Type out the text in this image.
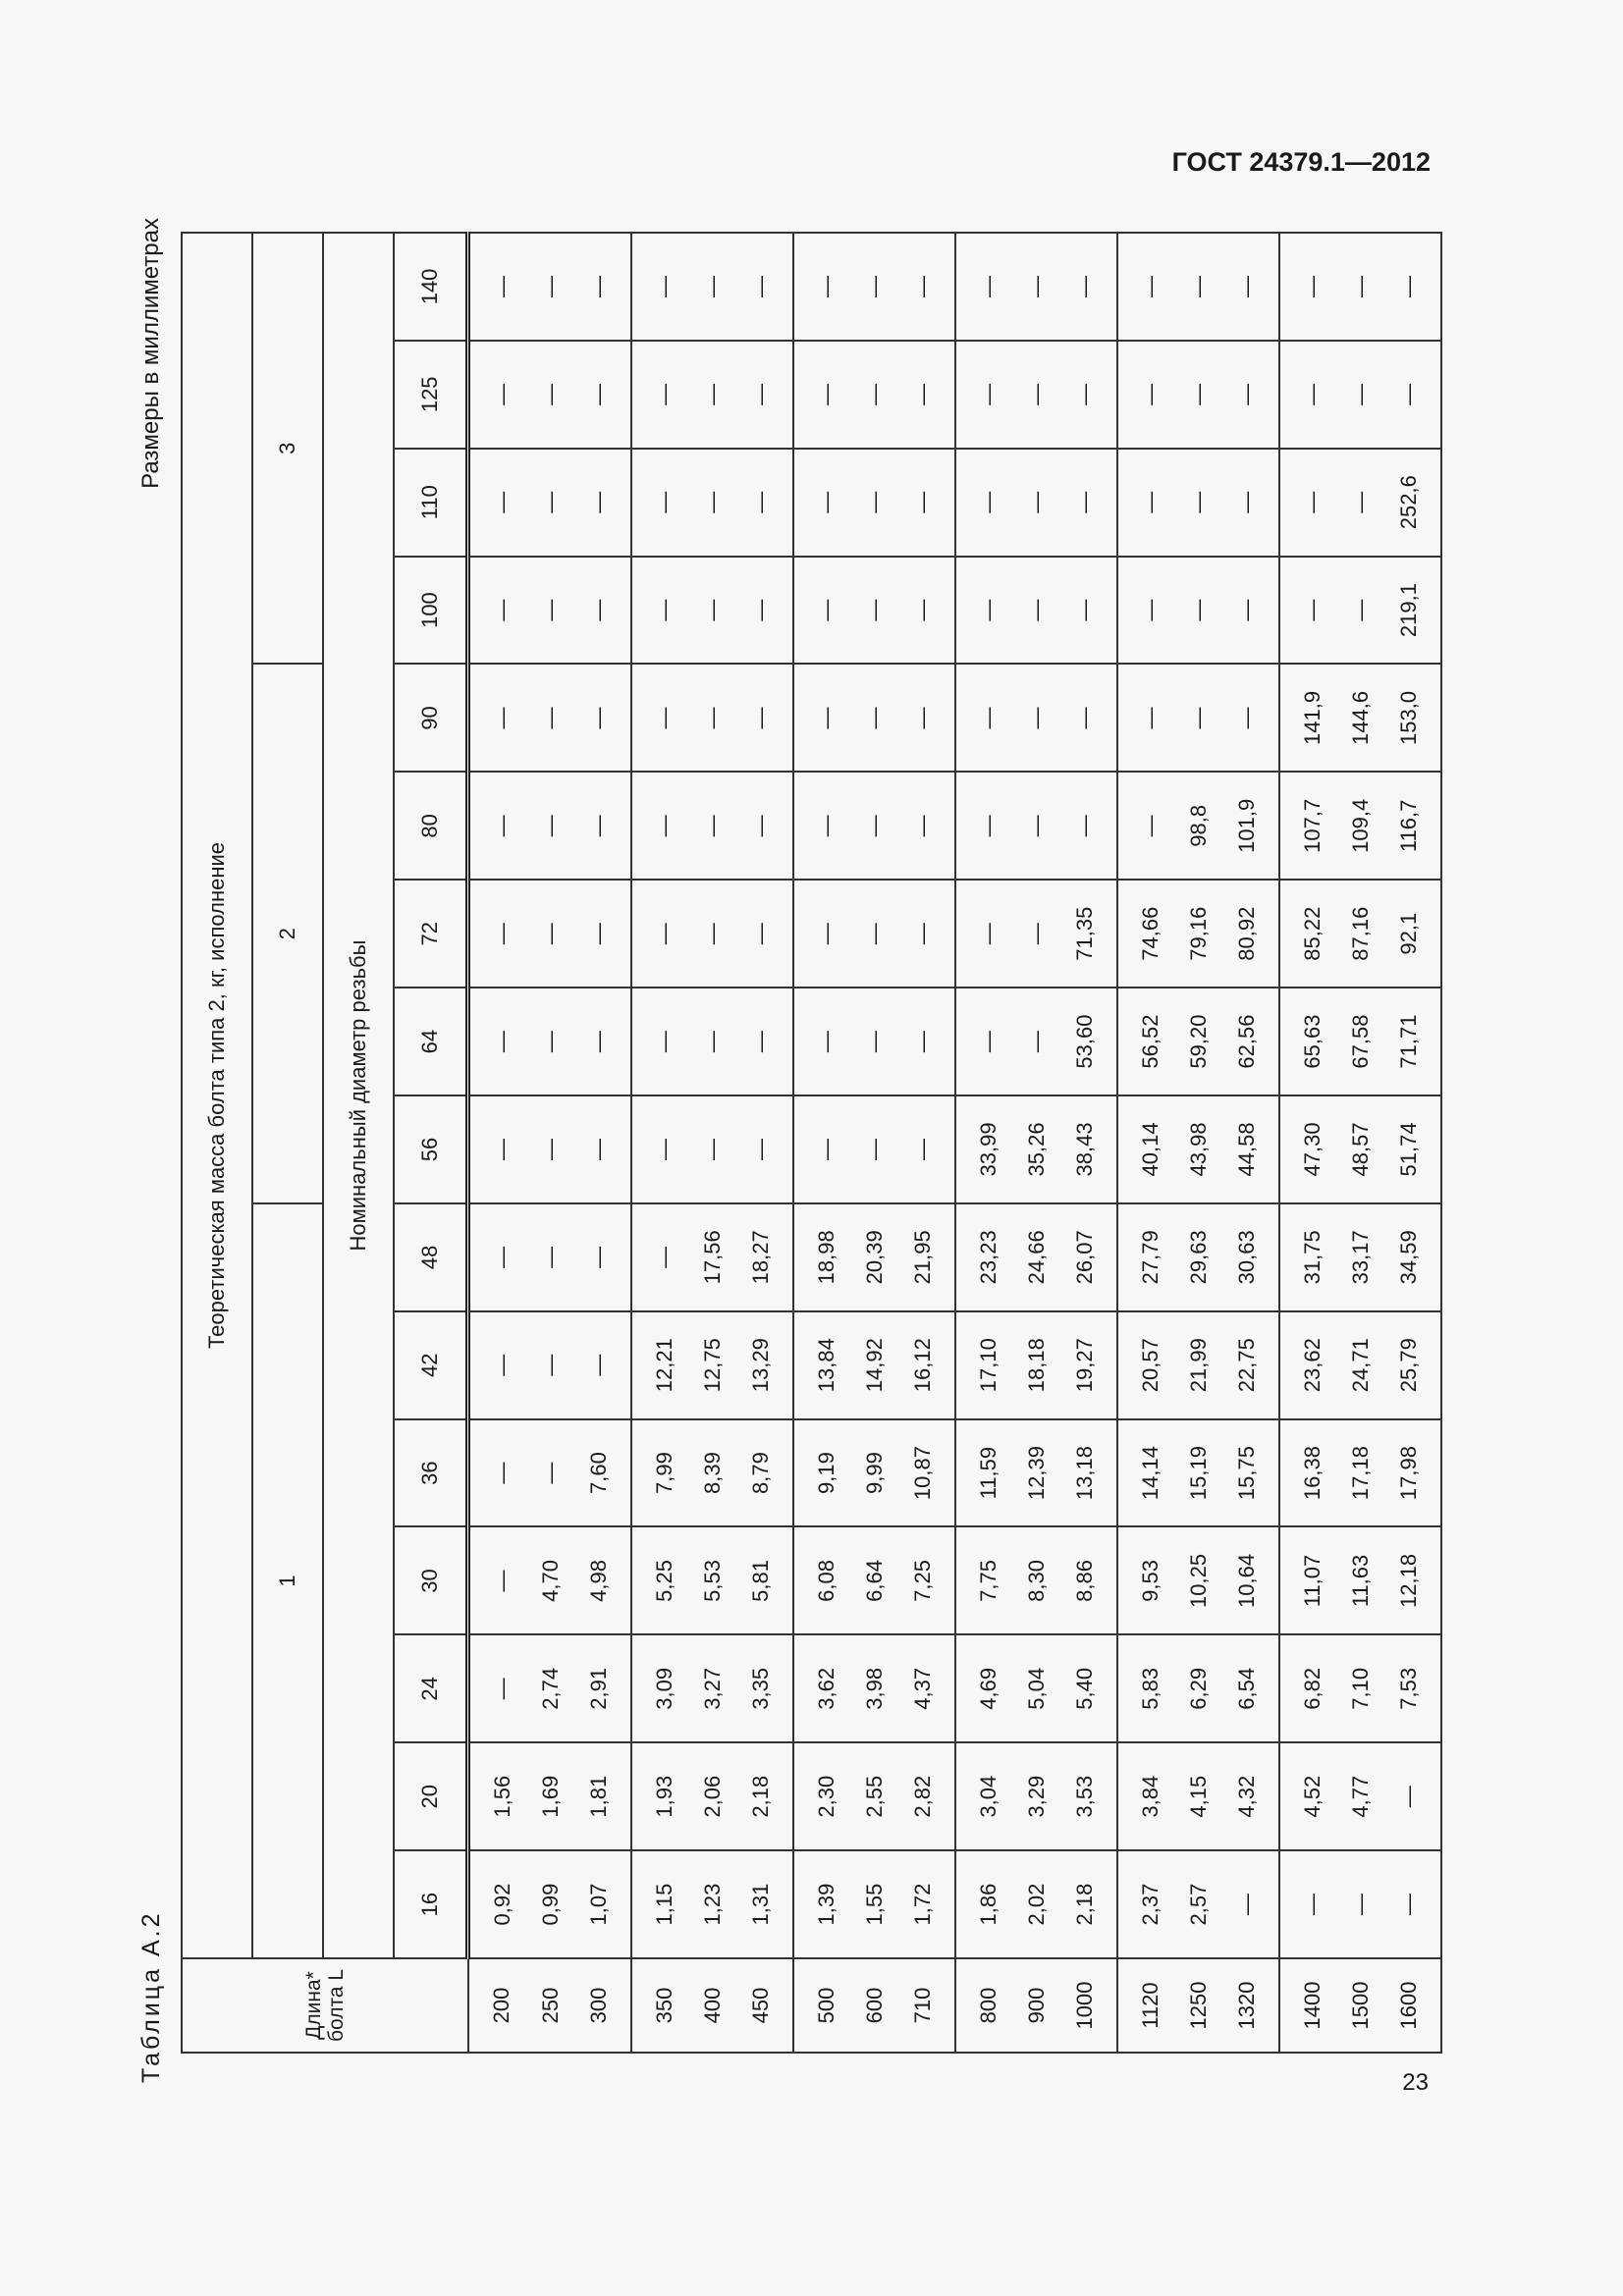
ГОСТ 24379.1—2012
Таблица А.2
Размеры в миллиметрах
Длина* болта L	Теоретическая масса болта типа 2, кг, исполнение															
	1							2					3			
	Номинальный диаметр резьбы															
	16	20	24	30	36	42	48	56	64	72	80	90	100	110	125	140
200	0,92	1,56	—	—	—	—	—	—	—	—	—	—	—	—	—	—
250	0,99	1,69	2,74	4,70	—	—	—	—	—	—	—	—	—	—	—	—
300	1,07	1,81	2,91	4,98	7,60	—	—	—	—	—	—	—	—	—	—	—
350	1,15	1,93	3,09	5,25	7,99	12,21	—	—	—	—	—	—	—	—	—	—
400	1,23	2,06	3,27	5,53	8,39	12,75	17,56	—	—	—	—	—	—	—	—	—
450	1,31	2,18	3,35	5,81	8,79	13,29	18,27	—	—	—	—	—	—	—	—	—
500	1,39	2,30	3,62	6,08	9,19	13,84	18,98	—	—	—	—	—	—	—	—	—
600	1,55	2,55	3,98	6,64	9,99	14,92	20,39	—	—	—	—	—	—	—	—	—
710	1,72	2,82	4,37	7,25	10,87	16,12	21,95	—	—	—	—	—	—	—	—	—
800	1,86	3,04	4,69	7,75	11,59	17,10	23,23	33,99	—	—	—	—	—	—	—	—
900	2,02	3,29	5,04	8,30	12,39	18,18	24,66	35,26	—	—	—	—	—	—	—	—
1000	2,18	3,53	5,40	8,86	13,18	19,27	26,07	38,43	53,60	71,35	—	—	—	—	—	—
1120	2,37	3,84	5,83	9,53	14,14	20,57	27,79	40,14	56,52	74,66	—	—	—	—	—	—
1250	2,57	4,15	6,29	10,25	15,19	21,99	29,63	43,98	59,20	79,16	98,8	—	—	—	—	—
1320	—	4,32	6,54	10,64	15,75	22,75	30,63	44,58	62,56	80,92	101,9	—	—	—	—	—
1400	—	4,52	6,82	11,07	16,38	23,62	31,75	47,30	65,63	85,22	107,7	141,9	—	—	—	—
1500	—	4,77	7,10	11,63	17,18	24,71	33,17	48,57	67,58	87,16	109,4	144,6	—	—	—	—
1600	—	—	7,53	12,18	17,98	25,79	34,59	51,74	71,71	92,1	116,7	153,0	219,1	252,6	—	—
23
